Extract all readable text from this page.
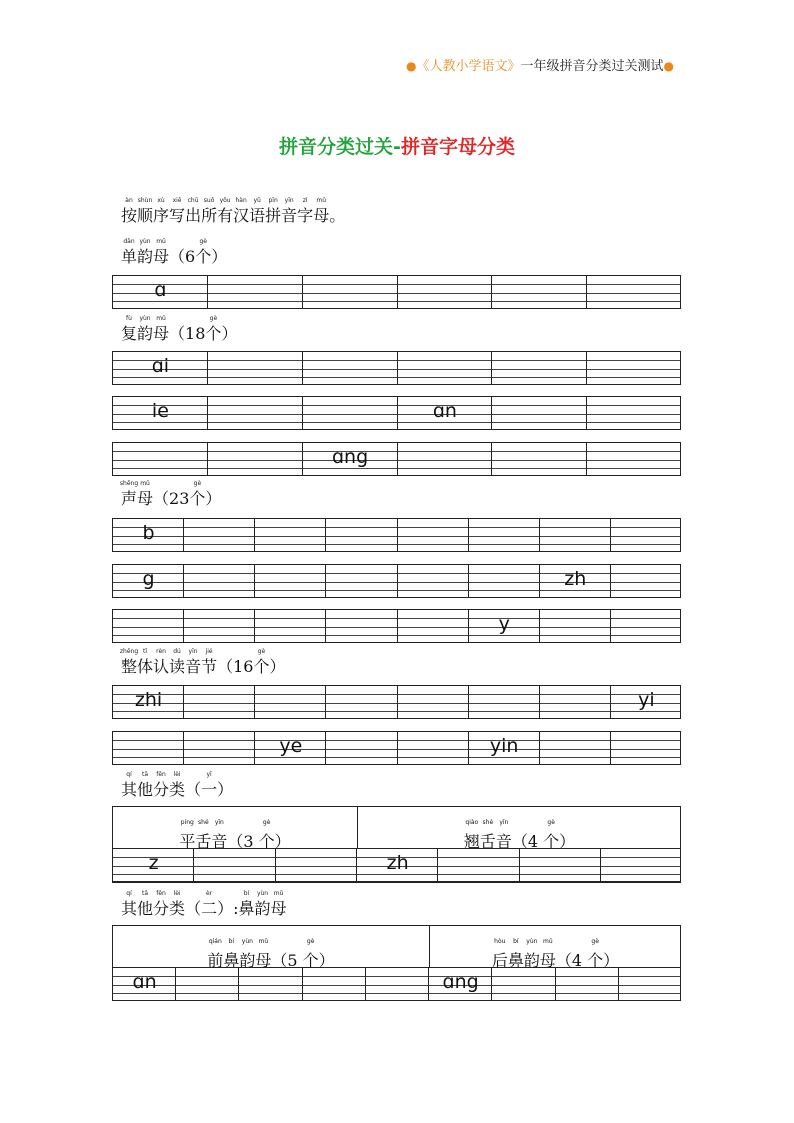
●《人教小学语文》一年级拼音分类过关测试●
拼音分类过关-拼音字母分类
àn
按
shùn
顺
xù
序
xiě
写
chū
出
suǒ
所
yǒu
有
hàn
汉
yǔ
语
pīn
拼
yīn
音
zì
字
mǔ
母。
dān
单
yùn
韵
mǔ
母（6
gè
个）
fù
复
yùn
韵
mǔ
母（18
gè
个）
shēng
声
mǔ
母（23
gè
个）
zhěng
整
tǐ
体
rèn
认
dú
读
yīn
音
jié
节（16
gè
个）
qí
其
tā
他
fēn
分
lèi
类（
yī
一）
qí
其
tā
他
fēn
分
lèi
类（
èr
二）:
bí
鼻
yùn
韵
mǔ
母
ɑ
ɑi
ie	ɑn
ɑng
b
g	zh
y
zhi	yi
ye	yin
píng
平
shé
舌
yīn
音（3
gè
个）
qiào
翘
shé
舌
yīn
音（4
gè
个）
z	zh
qián
前
bí
鼻
yùn
韵
mǔ
母（5
gè
个）
hòu
后
bí
鼻
yùn
韵
mǔ
母（4
gè
个）
ɑn	ɑng
